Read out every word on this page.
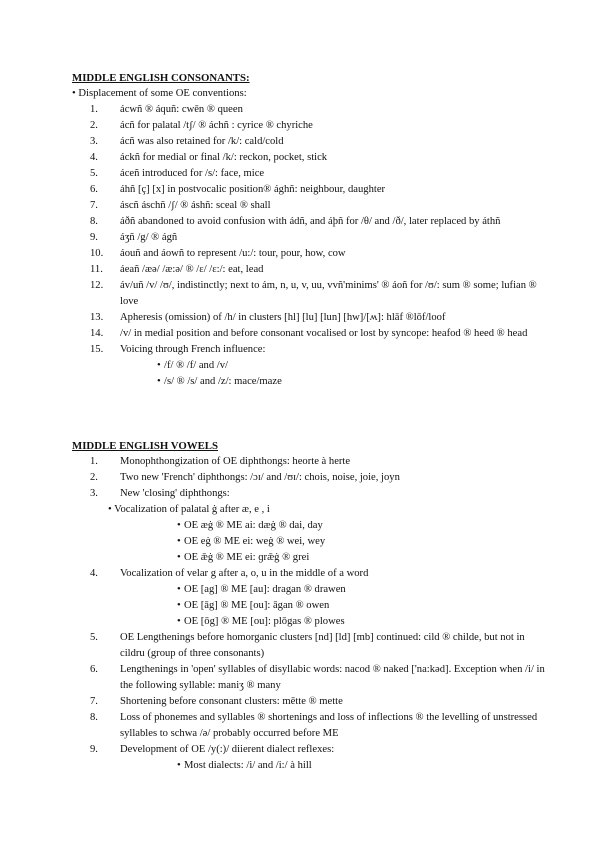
MIDDLE ENGLISH CONSONANTS:

• Displacement of some OE conventions:

1. ácwñ ® áquñ: cwēn ® queen
2. ácñ for palatal /tʃ/ ® áchñ : cyrice ® chyriche
3. ácñ was also retained for /k/: cald/cold
4. áckñ for medial or final /k/: reckon, pocket, stick
5. áceñ introduced for /s/: face, mice
6. áhñ [ç] [x] in postvocalic position® ághñ: neighbour, daughter
7. áscñ áschñ /ʃ/ ® áshñ: sceal ® shall
8. áðñ abandoned to avoid confusion with ádñ, and áþñ for /θ/ and /ð/, later replaced by áthñ
9. áʒñ /g/ ® ágñ
10. áouñ and áowñ to represent /u:/: tour, pour, how, cow
11. áeañ /æə/ /æ:ə/ ® /ɛ/ /ɛ:/: eat, lead
12. áv/uñ /v/ /ʊ/, indistinctly; next to ám, n, u, v, uu, vvñ'minims' ® áoñ for /ʊ/: sum ® some; lufian ® love
13. Apheresis (omission) of /h/ in clusters [hl] [lu] [lun] [hw]/[ʍ]: hlāf ®lōf/loof
14. /v/ in medial position and before consonant vocalised or lost by syncope: heafod ® heed ® head
15. Voicing through French influence:
• /f/ ® /f/ and /v/
• /s/ ® /s/ and /z/: mace/maze
MIDDLE ENGLISH VOWELS
1. Monophthongization of OE diphthongs: heorte à herte
2. Two new 'French' diphthongs: /ɔɪ/ and /ʊɪ/: chois, noise, joie, joyn
3. New 'closing' diphthongs:
• Vocalization of palatal ġ after æ, e , i
• OE æġ ® ME ai: dæġ ® dai, day
• OE eġ ® ME ei: weġ ® wei, wey
• OE ǣġ ® ME ei: ɡrǣġ ® grei
4. Vocalization of velar g after a, o, u in the middle of a word
• OE [ag] ® ME [au]: dragan ® drawen
• OE [āg] ® ME [ou]: āgan ® owen
• OE [ōg] ® ME [ou]: plōgas ® plowes
5. OE Lengthenings before homorganic clusters [nd] [ld] [mb] continued: cild ® childe, but not in cildru (group of three consonants)
6. Lengthenings in 'open' syllables of disyllabic words: nacod ® naked ['na:kəd]. Exception when /i/ in the following syllable: maniʒ ® many
7. Shortening before consonant clusters: mētte ® mette
8. Loss of phonemes and syllables ® shortenings and loss of inflections ® the levelling of unstressed syllables to schwa /ə/ probably occurred before ME
9. Development of OE /y(:)/ diierent dialect reflexes:
• Most dialects: /i/ and /i:/ à hill
